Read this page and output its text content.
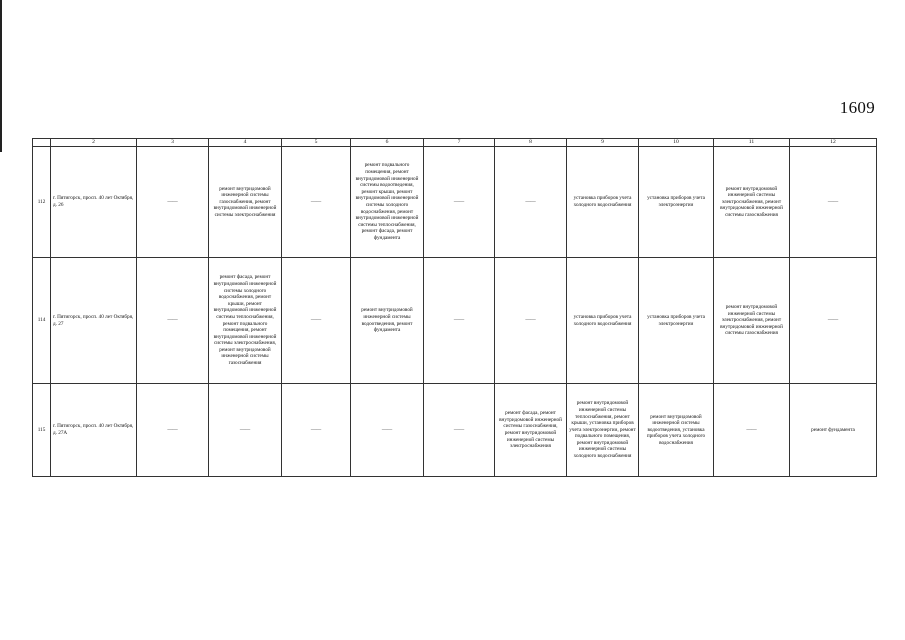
1609
	2	3	4	5	6	7	8	9	10	11	12
112	г. Пятигорск, просп. 40 лет Октября, д. 26	——	ремонт внутридомовой инженерной системы газоснабжения, ремонт внутридомовой инженерной системы электроснабжения	——	ремонт подвального помещения, ремонт внутридомовой инженерной системы водоотведения, ремонт крыши, ремонт внутридомовой инженерной системы холодного водоснабжения, ремонт внутридомовой инженерной системы теплоснабжения, ремонт фасада, ремонт фундамента	——	——	установка приборов учета холодного водоснабжения	установка приборов учета электроэнергии	ремонт внутридомовой инженерной системы электроснабжения, ремонт внутридомовой инженерной системы газоснабжения	——
114	г. Пятигорск, просп. 40 лет Октября, д. 27	——	ремонт фасада, ремонт внутридомовой инженерной системы холодного водоснабжения, ремонт крыши, ремонт внутридомовой инженерной системы теплоснабжения, ремонт подвального помещения, ремонт внутридомовой инженерной системы электроснабжения, ремонт внутридомовой инженерной системы газоснабжения	——	ремонт внутридомовой инженерной системы водоотведения, ремонт фундамента	——	——	установка приборов учета холодного водоснабжения	установка приборов учета электроэнергии	ремонт внутридомовой инженерной системы электроснабжения, ремонт внутридомовой инженерной системы газоснабжения	——
115	г. Пятигорск, просп. 40 лет Октября, д. 27А	——	——	——	——	——	ремонт фасада, ремонт внутридомовой инженерной системы газоснабжения, ремонт внутридомовой инженерной системы электроснабжения	ремонт внутридомовой инженерной системы теплоснабжения, ремонт крыши, установка приборов учета электроэнергии, ремонт подвального помещения, ремонт внутридомовой инженерной системы холодного водоснабжения	ремонт внутридомовой инженерной системы водоотведения, установка приборов учета холодного водоснабжения	——	ремонт фундамента
